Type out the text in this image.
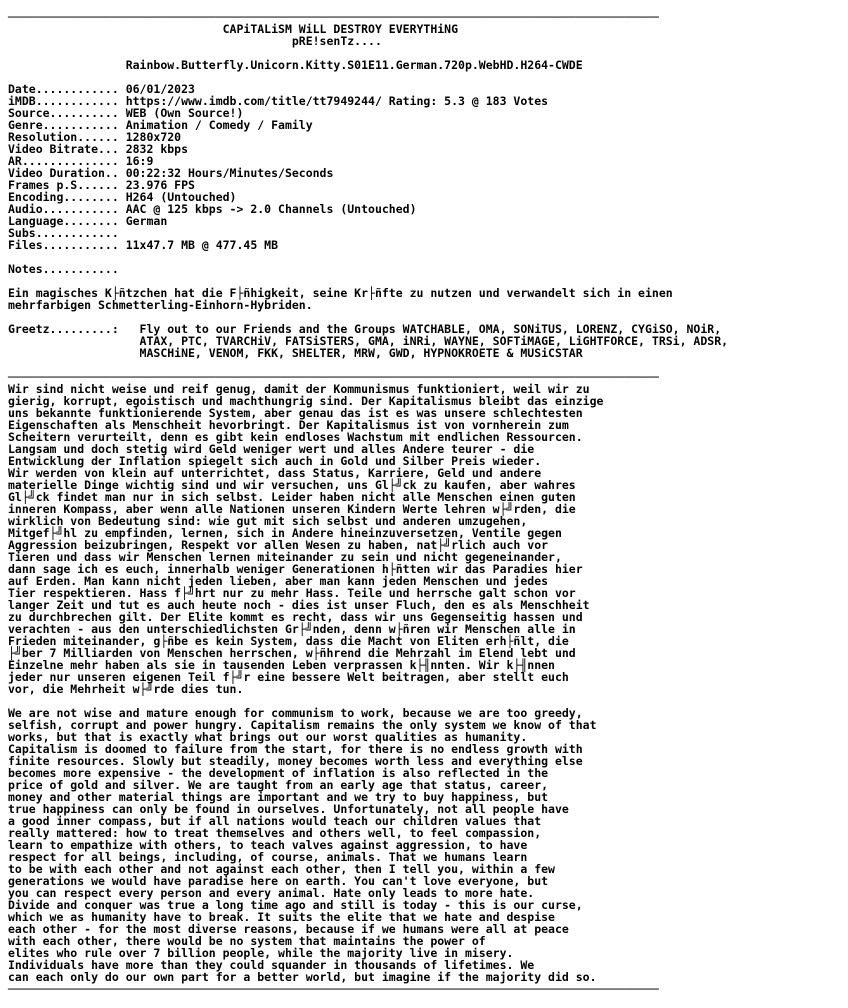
──────────────────────────────────────────────────────────────────────────────────────────────
CAPiTALiSM WiLL DESTROY EVERYTHiNG
pRE!senTz....
Rainbow.Butterfly.Unicorn.Kitty.S01E11.German.720p.WebHD.H264-CWDE
Date............ 06/01/2023
iMDB............ https://www.imdb.com/title/tt7949244/ Rating: 5.3 @ 183 Votes
Source.......... WEB (Own Source!)
Genre........... Animation / Comedy / Family
Resolution...... 1280x720
Video Bitrate... 2832 kbps
AR.............. 16:9
Video Duration.. 00:22:32 Hours/Minutes/Seconds
Frames p.S...... 23.976 FPS
Encoding........ H264 (Untouched)
Audio........... AAC @ 125 kbps -> 2.0 Channels (Untouched)
Language........ German
Subs............
Files........... 11x47.7 MB @ 477.45 MB
Notes...........
Ein magisches K├ñtzchen hat die F├ñhigkeit, seine Kr├ñfte zu nutzen und verwandelt sich in einen
mehrfarbigen Schmetterling-Einhorn-Hybriden.
Greetz.........:   Fly out to our Friends and the Groups WATCHABLE, OMA, SONiTUS, LORENZ, CYGiSO, NOiR,
ATAX, PTC, TVARCHiV, FATSiSTERS, GMA, iNRi, WAYNE, SOFTiMAGE, LiGHTFORCE, TRSi, ADSR,
MASCHiNE, VENOM, FKK, SHELTER, MRW, GWD, HYPNOKROETE & MUSiCSTAR
──────────────────────────────────────────────────────────────────────────────────────────────
Wir sind nicht weise und reif genug, damit der Kommunismus funktioniert, weil wir zu
gierig, korrupt, egoistisch und machthungrig sind. Der Kapitalismus bleibt das einzige
uns bekannte funktionierende System, aber genau das ist es was unsere schlechtesten
Eigenschaften als Menschheit hevorbringt. Der Kapitalismus ist von vornherein zum
Scheitern verurteilt, denn es gibt kein endloses Wachstum mit endlichen Ressourcen.
Langsam und doch stetig wird Geld weniger wert und alles Andere teurer - die
Entwicklung der Inflation spiegelt sich auch in Gold und Silber Preis wieder.
Wir werden von klein auf unterrichtet, dass Status, Karriere, Geld und andere
materielle Dinge wichtig sind und wir versuchen, uns Gl├╝ck zu kaufen, aber wahres
Gl├╝ck findet man nur in sich selbst. Leider haben nicht alle Menschen einen guten
inneren Kompass, aber wenn alle Nationen unseren Kindern Werte lehren w├╝rden, die
wirklich von Bedeutung sind: wie gut mit sich selbst und anderen umzugehen,
Mitgef├╝hl zu empfinden, lernen, sich in Andere hineinzuversetzen, Ventile gegen
Aggression beizubringen, Respekt vor allen Wesen zu haben, nat├╝rlich auch vor
Tieren und dass wir Menschen lernen miteinander zu sein und nicht gegeneinander,
dann sage ich es euch, innerhalb weniger Generationen h├ñtten wir das Paradies hier
auf Erden. Man kann nicht jeden lieben, aber man kann jeden Menschen und jedes
Tier respektieren. Hass f├╝hrt nur zu mehr Hass. Teile und herrsche galt schon vor
langer Zeit und tut es auch heute noch - dies ist unser Fluch, den es als Menschheit
zu durchbrechen gilt. Der Elite kommt es recht, dass wir uns Gegenseitig hassen und
verachten - aus den unterschiedlichsten Gr├╝nden, denn w├ñren wir Menschen alle in
Frieden miteinander, g├ñbe es kein System, dass die Macht von Eliten erh├ñlt, die
├╝ber 7 Milliarden von Menschen herrschen, w├ñhrend die Mehrzahl im Elend lebt und
Einzelne mehr haben als sie in tausenden Leben verprassen k├╢nnten. Wir k├╢nnen
jeder nur unseren eigenen Teil f├╝r eine bessere Welt beitragen, aber stellt euch
vor, die Mehrheit w├╝rde dies tun.
We are not wise and mature enough for communism to work, because we are too greedy,
selfish, corrupt and power hungry. Capitalism remains the only system we know of that
works, but that is exactly what brings out our worst qualities as humanity.
Capitalism is doomed to failure from the start, for there is no endless growth with
finite resources. Slowly but steadily, money becomes worth less and everything else
becomes more expensive - the development of inflation is also reflected in the
price of gold and silver. We are taught from an early age that status, career,
money and other material things are important and we try to buy happiness, but
true happiness can only be found in ourselves. Unfortunately, not all people have
a good inner compass, but if all nations would teach our children values that
really mattered: how to treat themselves and others well, to feel compassion,
learn to empathize with others, to teach valves against aggression, to have
respect for all beings, including, of course, animals. That we humans learn
to be with each other and not against each other, then I tell you, within a few
generations we would have paradise here on earth. You can't love everyone, but
you can respect every person and every animal. Hate only leads to more hate.
Divide and conquer was true a long time ago and still is today - this is our curse,
which we as humanity have to break. It suits the elite that we hate and despise
each other - for the most diverse reasons, because if we humans were all at peace
with each other, there would be no system that maintains the power of
elites who rule over 7 billion people, while the majority live in misery.
Individuals have more than they could squander in thousands of lifetimes. We
can each only do our own part for a better world, but imagine if the majority did so.
──────────────────────────────────────────────────────────────────────────────────────────────
